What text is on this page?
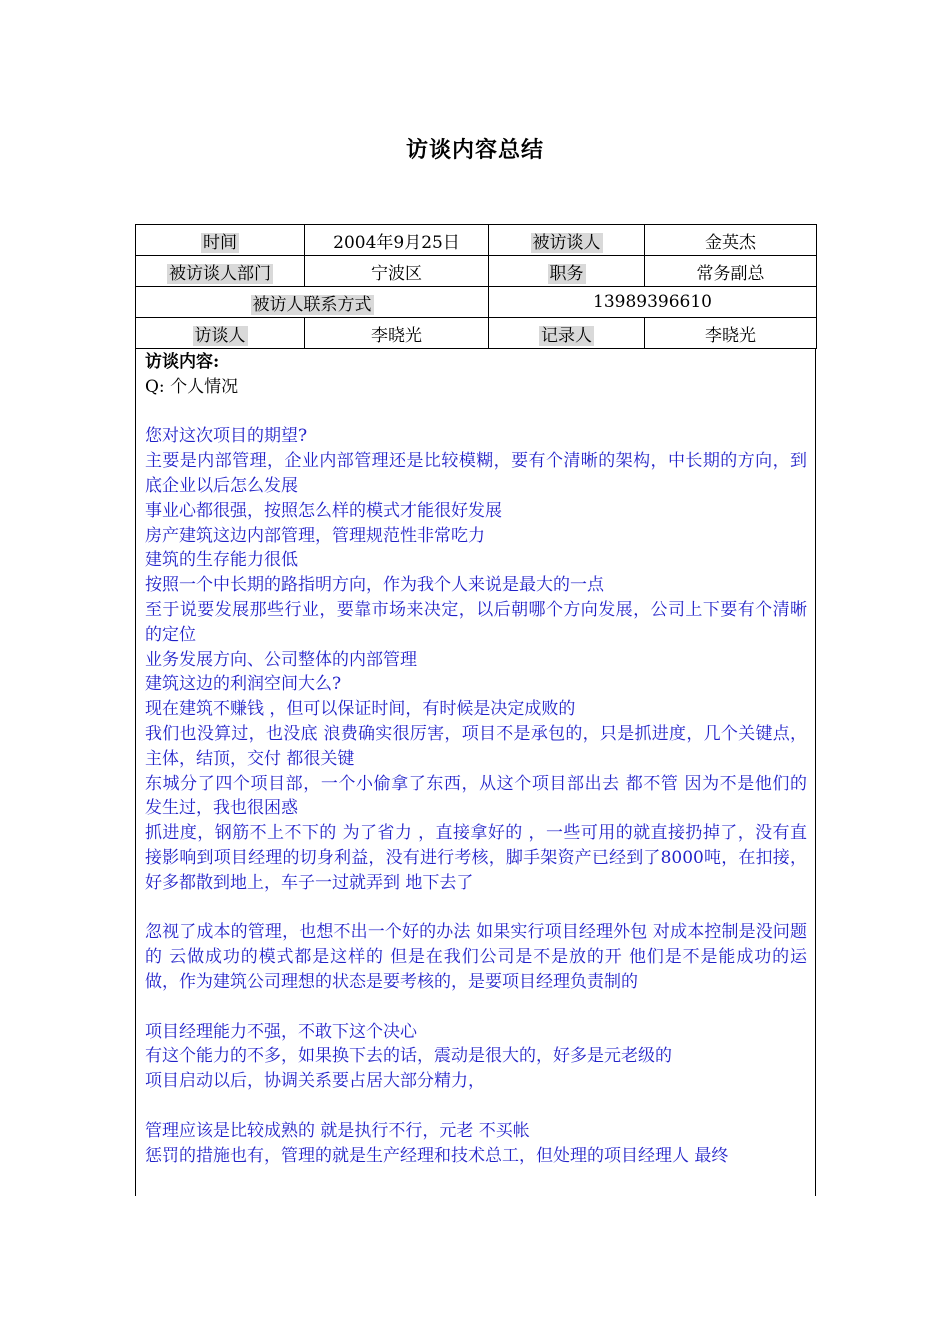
访谈内容总结
时间	2004年9月25日	被访谈人	金英杰
被访谈人部门	宁波区	职务	常务副总
被访人联系方式		13989396610	
访谈人	李晓光	记录人	李晓光
访谈内容:
Q: 个人情况
您对这次项目的期望?
主要是内部管理，企业内部管理还是比较模糊，要有个清晰的架构，中长期的方向，到底企业以后怎么发展
事业心都很强，按照怎么样的模式才能很好发展
房产建筑这边内部管理，管理规范性非常吃力
建筑的生存能力很低
按照一个中长期的路指明方向，作为我个人来说是最大的一点
至于说要发展那些行业，要靠市场来决定，以后朝哪个方向发展，公司上下要有个清晰的定位
业务发展方向、公司整体的内部管理
建筑这边的利润空间大么?
现在建筑不赚钱 ，但可以保证时间，有时候是决定成败的
我们也没算过，也没底 浪费确实很厉害，项目不是承包的，只是抓进度，几个关键点，主体，结顶，交付 都很关键
东城分了四个项目部，一个小偷拿了东西，从这个项目部出去 都不管 因为不是他们的 发生过，我也很困惑
抓进度，钢筋不上不下的 为了省力 ，直接拿好的 ，一些可用的就直接扔掉了，没有直接影响到项目经理的切身利益，没有进行考核，脚手架资产已经到了8000吨，在扣接，好多都散到地上，车子一过就弄到 地下去了
忽视了成本的管理，也想不出一个好的办法 如果实行项目经理外包 对成本控制是没问题的 云做成功的模式都是这样的 但是在我们公司是不是放的开 他们是不是能成功的运做，作为建筑公司理想的状态是要考核的，是要项目经理负责制的
项目经理能力不强，不敢下这个决心
有这个能力的不多，如果换下去的话，震动是很大的，好多是元老级的
项目启动以后，协调关系要占居大部分精力，
管理应该是比较成熟的 就是执行不行，元老 不买帐
惩罚的措施也有，管理的就是生产经理和技术总工，但处理的项目经理人 最终
